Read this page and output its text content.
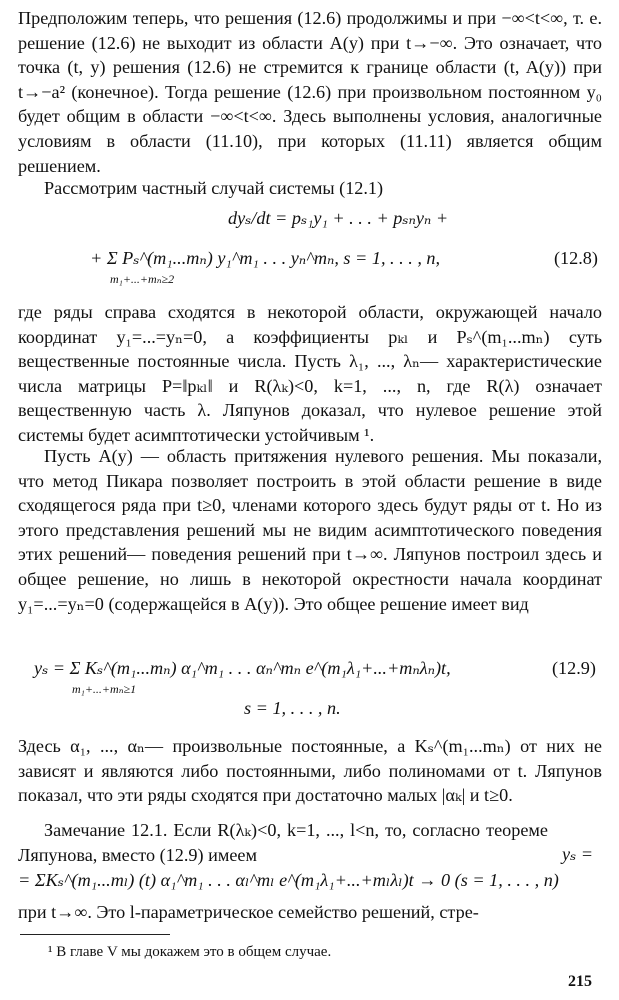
Предположим теперь, что решения (12.6) продолжимы и при −∞<t<∞, т. е. решение (12.6) не выходит из области A(y) при t→−∞. Это означает, что точка (t, y) решения (12.6) не стремится к границе области (t, A(y)) при t→−a² (конечное). Тогда решение (12.6) при произвольном постоянном y₀ будет общим в области −∞<t<∞. Здесь выполнены условия, аналогичные условиям в области (11.10), при которых (11.11) является общим решением.
Рассмотрим частный случай системы (12.1)
dyₛ/dt = pₛ₁y₁ + . . . + pₛₙyₙ +
+ Σ Pₛ^(m₁...mₙ) y₁^m₁ . . . yₙ^mₙ, s = 1, . . . , n,
m₁+...+mₙ≥2
(12.8)
где ряды справа сходятся в некоторой области, окружающей начало координат y₁=...=yₙ=0, а коэффициенты pₖₗ и Pₛ^(m₁...mₙ) суть вещественные постоянные числа. Пусть λ₁, ..., λₙ— характеристические числа матрицы P=‖pₖₗ‖ и R(λₖ)<0, k=1, ..., n, где R(λ) означает вещественную часть λ. Ляпунов доказал, что нулевое решение этой системы будет асимптотически устойчивым ¹.
Пусть A(y) — область притяжения нулевого решения. Мы показали, что метод Пикара позволяет построить в этой области решение в виде сходящегося ряда при t≥0, членами которого здесь будут ряды от t. Но из этого представления решений мы не видим асимптотического поведения этих решений— поведения решений при t→∞. Ляпунов построил здесь и общее решение, но лишь в некоторой окрестности начала координат y₁=...=yₙ=0 (содержащейся в A(y)). Это общее решение имеет вид
yₛ = Σ Kₛ^(m₁...mₙ) α₁^m₁ . . . αₙ^mₙ e^(m₁λ₁+...+mₙλₙ)t,
m₁+...+mₙ≥1
s = 1, . . . , n.
(12.9)
Здесь α₁, ..., αₙ— произвольные постоянные, а Kₛ^(m₁...mₙ) от них не зависят и являются либо постоянными, либо полиномами от t. Ляпунов показал, что эти ряды сходятся при достаточно малых |αₖ| и t≥0.
Замечание 12.1. Если R(λₖ)<0, k=1, ..., l<n, то, согласно теореме Ляпунова, вместо (12.9) имеем	yₛ =
= ΣKₛ^(m₁...mₗ) (t) α₁^m₁ . . . αₗ^mₗ e^(m₁λ₁+...+mₗλₗ)t → 0 (s = 1, . . . , n)
при t→∞. Это l-параметрическое семейство решений, стре-
¹ В главе V мы докажем это в общем случае.
215
